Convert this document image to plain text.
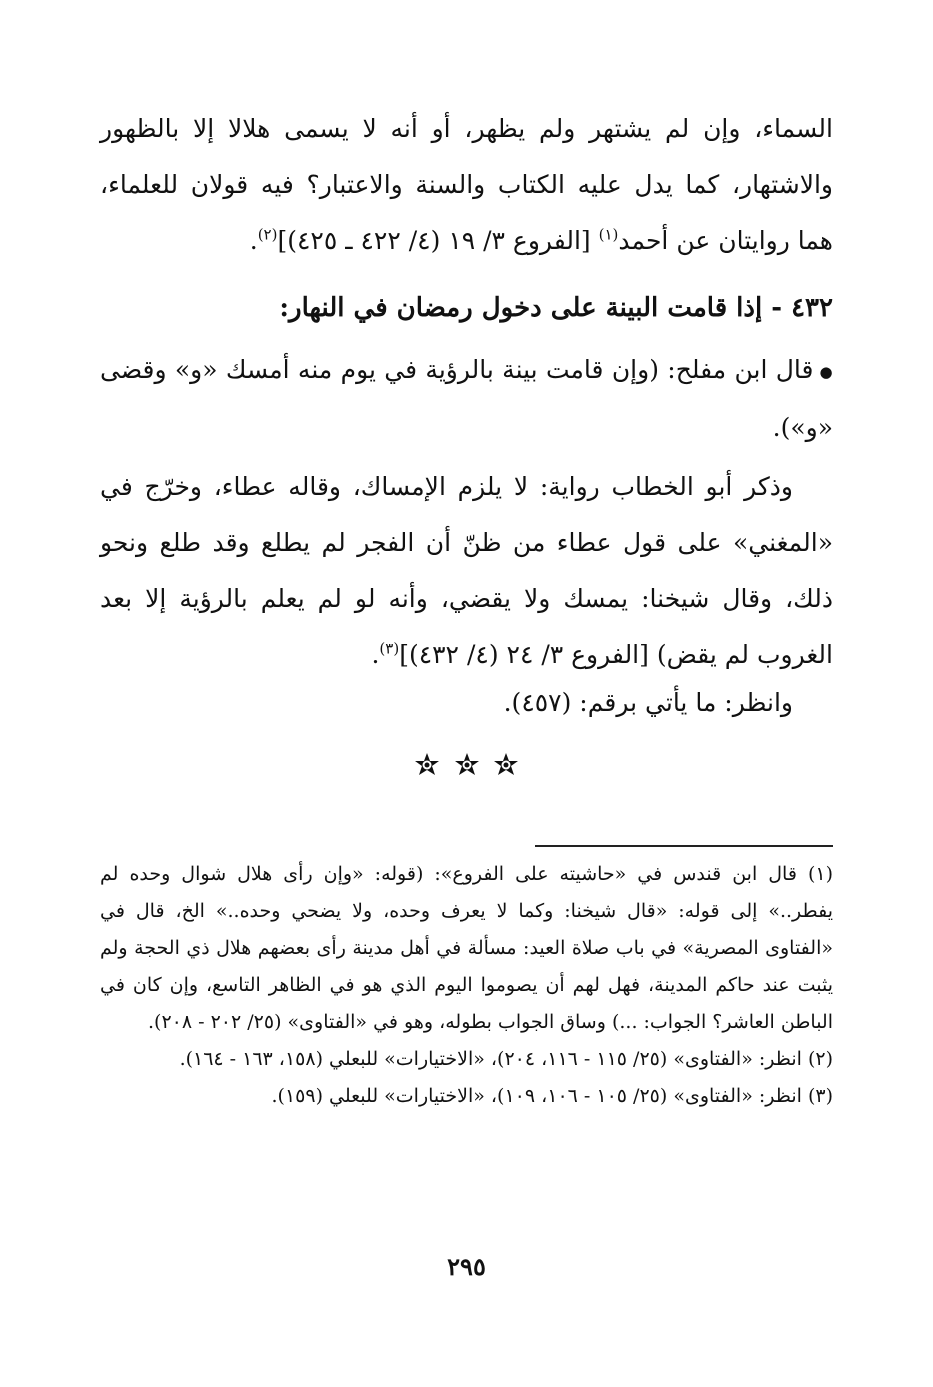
السماء، وإن لم يشتهر ولم يظهر، أو أنه لا يسمى هلالا إلا بالظهور والاشتهار، كما يدل عليه الكتاب والسنة والاعتبار؟ فيه قولان للعلماء، هما روايتان عن أحمد$^{(١)}$ [الفروع ٣/ ١٩ (٤/ ٤٢٢ ـ ٤٢٥)]$^{(٢)}$.

٤٣٢ - إذا قامت البينة على دخول رمضان في النهار:

● قال ابن مفلح: (وإن قامت بينة بالرؤية في يوم منه أمسك «و» وقضى «و»).

وذكر أبو الخطاب رواية: لا يلزم الإمساك، وقاله عطاء، وخرّج في «المغني» على قول عطاء من ظنّ أن الفجر لم يطلع وقد طلع ونحو ذلك، وقال شيخنا: يمسك ولا يقضي، وأنه لو لم يعلم بالرؤية إلا بعد الغروب لم يقض) [الفروع ٣/ ٢٤ (٤/ ٤٣٢)]$^{(٣)}$.

وانظر: ما يأتي برقم: (٤٥٧).

(١) قال ابن قندس في «حاشيته على الفروع»: (قوله: «وإن رأى هلال شوال وحده لم يفطر..» إلى قوله: «قال شيخنا: وكما لا يعرف وحده، ولا يضحي وحده..» الخ، قال في «الفتاوى المصرية» في باب صلاة العيد: مسألة في أهل مدينة رأى بعضهم هلال ذي الحجة ولم يثبت عند حاكم المدينة، فهل لهم أن يصوموا اليوم الذي هو في الظاهر التاسع، وإن كان في الباطن العاشر؟ الجواب: ...) وساق الجواب بطوله، وهو في «الفتاوى» (٢٥/ ٢٠٢ - ٢٠٨).

(٢) انظر: «الفتاوى» (٢٥/ ١١٥ - ١١٦، ٢٠٤)، «الاختيارات» للبعلي (١٥٨، ١٦٣ - ١٦٤).

(٣) انظر: «الفتاوى» (٢٥/ ١٠٥ - ١٠٦، ١٠٩)، «الاختيارات» للبعلي (١٥٩).

٢٩٥
